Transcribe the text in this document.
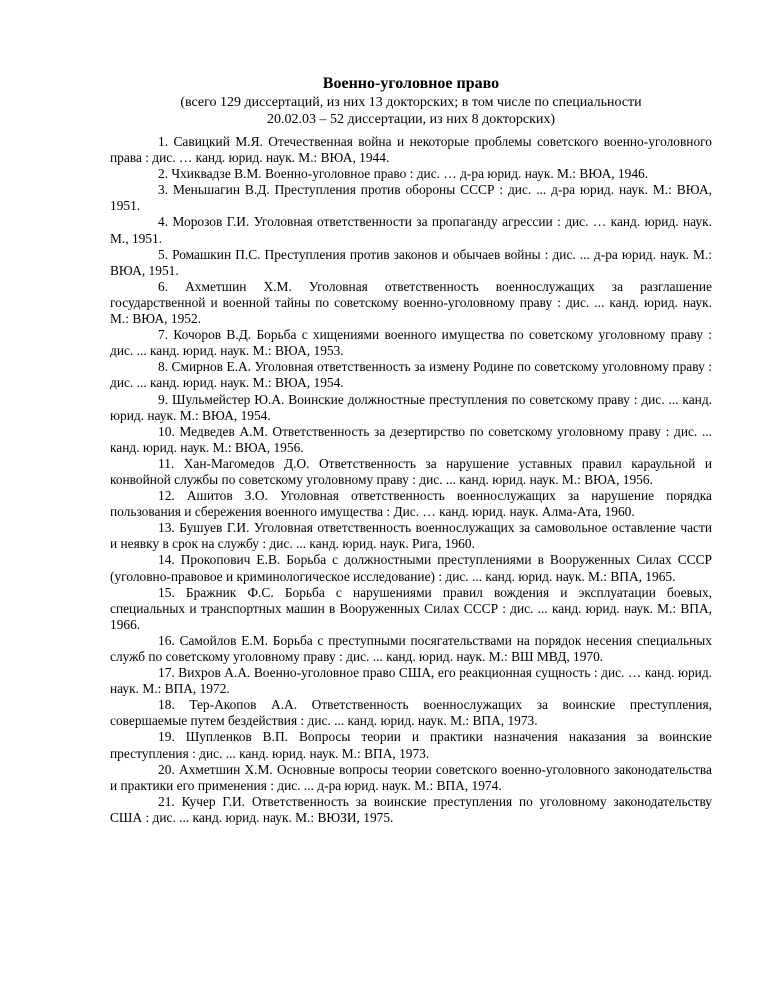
Военно-уголовное право
(всего 129 диссертаций, из них 13 докторских; в том числе по специальности
20.02.03 – 52 диссертации, из них 8 докторских)

1. Савицкий М.Я. Отечественная война и некоторые проблемы советского военно-уголовного права : дис. … канд. юрид. наук. М.: ВЮА, 1944.

2. Чхиквадзе В.М. Военно-уголовное право : дис. … д-ра юрид. наук. М.: ВЮА, 1946.

3. Меньшагин В.Д. Преступления против обороны СССР : дис. ... д-ра юрид. наук. М.: ВЮА, 1951.

4. Морозов Г.И. Уголовная ответственности за пропаганду агрессии : дис. … канд. юрид. наук. М., 1951.

5. Ромашкин П.С. Преступления против законов и обычаев войны : дис. ... д-ра юрид. наук. М.: ВЮА, 1951.

6. Ахметшин Х.М. Уголовная ответственность военнослужащих за разглашение государственной и военной тайны по советскому военно-уголовному праву : дис. ... канд. юрид. наук. М.: ВЮА, 1952.

7. Кочоров В.Д. Борьба с хищениями военного имущества по советскому уголовному праву : дис. ... канд. юрид. наук. М.: ВЮА, 1953.

8. Смирнов Е.А. Уголовная ответственность за измену Родине по советскому уголовному праву : дис. ... канд. юрид. наук. М.: ВЮА, 1954.

9. Шульмейстер Ю.А. Воинские должностные преступления по советскому праву : дис. ... канд. юрид. наук. М.: ВЮА, 1954.

10. Медведев А.М. Ответственность за дезертирство по советскому уголовному праву : дис. ... канд. юрид. наук. М.: ВЮА, 1956.

11. Хан-Магомедов Д.О. Ответственность за нарушение уставных правил караульной и конвойной службы по советскому уголовному праву : дис. ... канд. юрид. наук. М.: ВЮА, 1956.

12. Ашитов З.О. Уголовная ответственность военнослужащих за нарушение порядка пользования и сбережения военного имущества : Дис. … канд. юрид. наук. Алма-Ата, 1960.

13. Бушуев Г.И. Уголовная ответственность военнослужащих за самовольное оставление части и неявку в срок на службу : дис. ... канд. юрид. наук. Рига, 1960.

14. Прокопович Е.В. Борьба с должностными преступлениями в Вооруженных Силах СССР (уголовно-правовое и криминологическое исследование) : дис. ... канд. юрид. наук. М.: ВПА, 1965.

15. Бражник Ф.С. Борьба с нарушениями правил вождения и эксплуатации боевых, специальных и транспортных машин в Вооруженных Силах СССР : дис. ... канд. юрид. наук. М.: ВПА, 1966.

16. Самойлов Е.М. Борьба с преступными посягательствами на порядок несения специальных служб по советскому уголовному праву : дис. ... канд. юрид. наук. М.: ВШ МВД, 1970.

17. Вихров А.А. Военно-уголовное право США, его реакционная сущность : дис. … канд. юрид. наук. М.: ВПА, 1972.

18. Тер-Акопов А.А. Ответственность военнослужащих за воинские преступления, совершаемые путем бездействия : дис. ... канд. юрид. наук. М.: ВПА, 1973.

19. Шупленков В.П. Вопросы теории и практики назначения наказания за воинские преступления : дис. ... канд. юрид. наук. М.: ВПА, 1973.

20. Ахметшин Х.М. Основные вопросы теории советского военно-уголовного законодательства и практики его применения : дис. ... д-ра юрид. наук. М.: ВПА, 1974.

21. Кучер Г.И. Ответственность за воинские преступления по уголовному законодательству США : дис. ... канд. юрид. наук. М.: ВЮЗИ, 1975.
